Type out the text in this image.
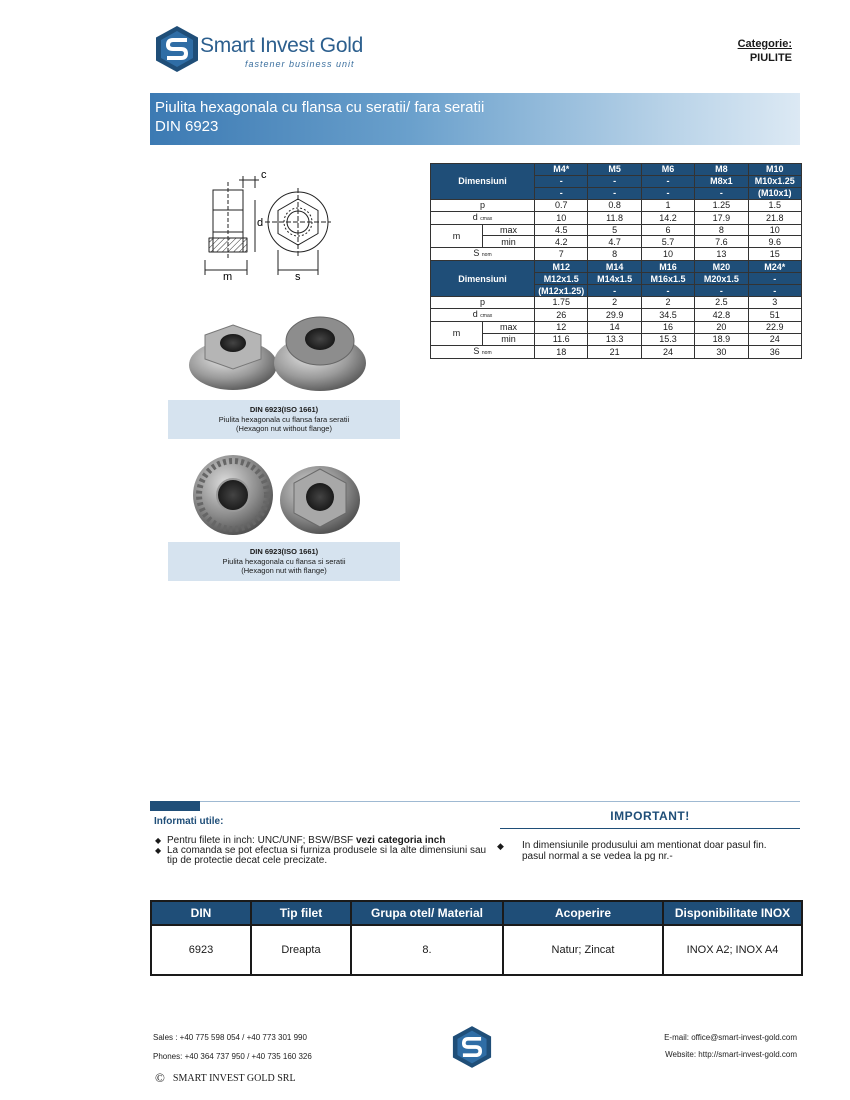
Smart Invest Gold
fastener business unit
Categorie:
PIULITE
Piulita hexagonala cu flansa cu seratii/ fara seratii
DIN 6923
c
d
m	s
DIN 6923(ISO 1661)
Piulita hexagonala cu flansa fara seratii
(Hexagon nut without flange)
DIN 6923(ISO 1661)
Piulita hexagonala cu flansa si seratii
(Hexagon nut with flange)
Dimensiuni		M4*	M5	M6	M8	M10
		-	-	-	M8x1	M10x1.25
		-	-	-	-	(M10x1)
p		0.7	0.8	1	1.25	1.5
d cmax		10	11.8	14.2	17.9	21.8
m	max	4.5	5	6	8	10
	min	4.2	4.7	5.7	7.6	9.6
S nom		7	8	10	13	15
Dimensiuni		M12	M14	M16	M20	M24*
		M12x1.5	M14x1.5	M16x1.5	M20x1.5	-
		(M12x1.25)	-	-	-	-
p		1.75	2	2	2.5	3
d cmax		26	29.9	34.5	42.8	51
m	max	12	14	16	20	22.9
	min	11.6	13.3	15.3	18.9	24
S nom		18	21	24	30	36
Informati utile:
◆ Pentru filete in inch: UNC/UNF; BSW/BSF vezi categoria inch
◆ La comanda se pot efectua si furniza produsele si la alte dimensiuni sau tip de protectie decat cele precizate.
IMPORTANT!
◆ In dimensiunile produsului am mentionat doar pasul fin. pasul normal a se vedea la pg nr.-
DIN	Tip filet	Grupa otel/ Material	Acoperire	Disponibilitate INOX
6923	Dreapta	8.	Natur; Zincat	INOX A2; INOX A4
Sales : +40 775 598 054 / +40 773 301 990
Phones: +40 364 737 950 / +40 735 160 326
E-mail: office@smart-invest-gold.com
Website: http://smart-invest-gold.com
© SMART INVEST GOLD SRL
